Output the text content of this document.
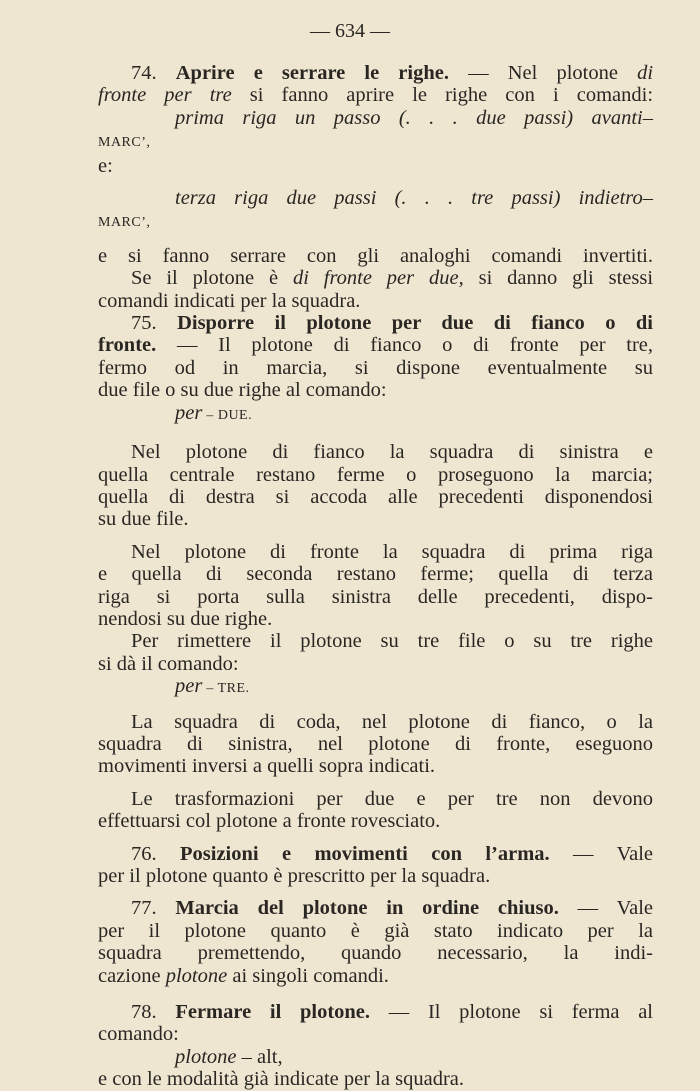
— 634 —

74. Aprire e serrare le righe. — Nel plotone di

fronte per tre si fanno aprire le righe con i comandi:

prima riga un passo (. . . due passi) avanti–

MARC’,

e:

terza riga due passi (. . . tre passi) indietro–

MARC’,

e si fanno serrare con gli analoghi comandi invertiti.

Se il plotone è di fronte per due, si danno gli stessi

comandi indicati per la squadra.

75. Disporre il plotone per due di fianco o di

fronte. — Il plotone di fianco o di fronte per tre,

fermo od in marcia, si dispone eventualmente su

due file o su due righe al comando:

per – DUE.

Nel plotone di fianco la squadra di sinistra e

quella centrale restano ferme o proseguono la marcia;

quella di destra si accoda alle precedenti disponendosi

su due file.

Nel plotone di fronte la squadra di prima riga

e quella di seconda restano ferme; quella di terza

riga si porta sulla sinistra delle precedenti, dispo-

nendosi su due righe.

Per rimettere il plotone su tre file o su tre righe

si dà il comando:

per – TRE.

La squadra di coda, nel plotone di fianco, o la

squadra di sinistra, nel plotone di fronte, eseguono

movimenti inversi a quelli sopra indicati.

Le trasformazioni per due e per tre non devono

effettuarsi col plotone a fronte rovesciato.

76. Posizioni e movimenti con l’arma. — Vale

per il plotone quanto è prescritto per la squadra.

77. Marcia del plotone in ordine chiuso. — Vale

per il plotone quanto è già stato indicato per la

squadra premettendo, quando necessario, la indi-

cazione plotone ai singoli comandi.

78. Fermare il plotone. — Il plotone si ferma al

comando:

plotone – alt,

e con le modalità già indicate per la squadra.
